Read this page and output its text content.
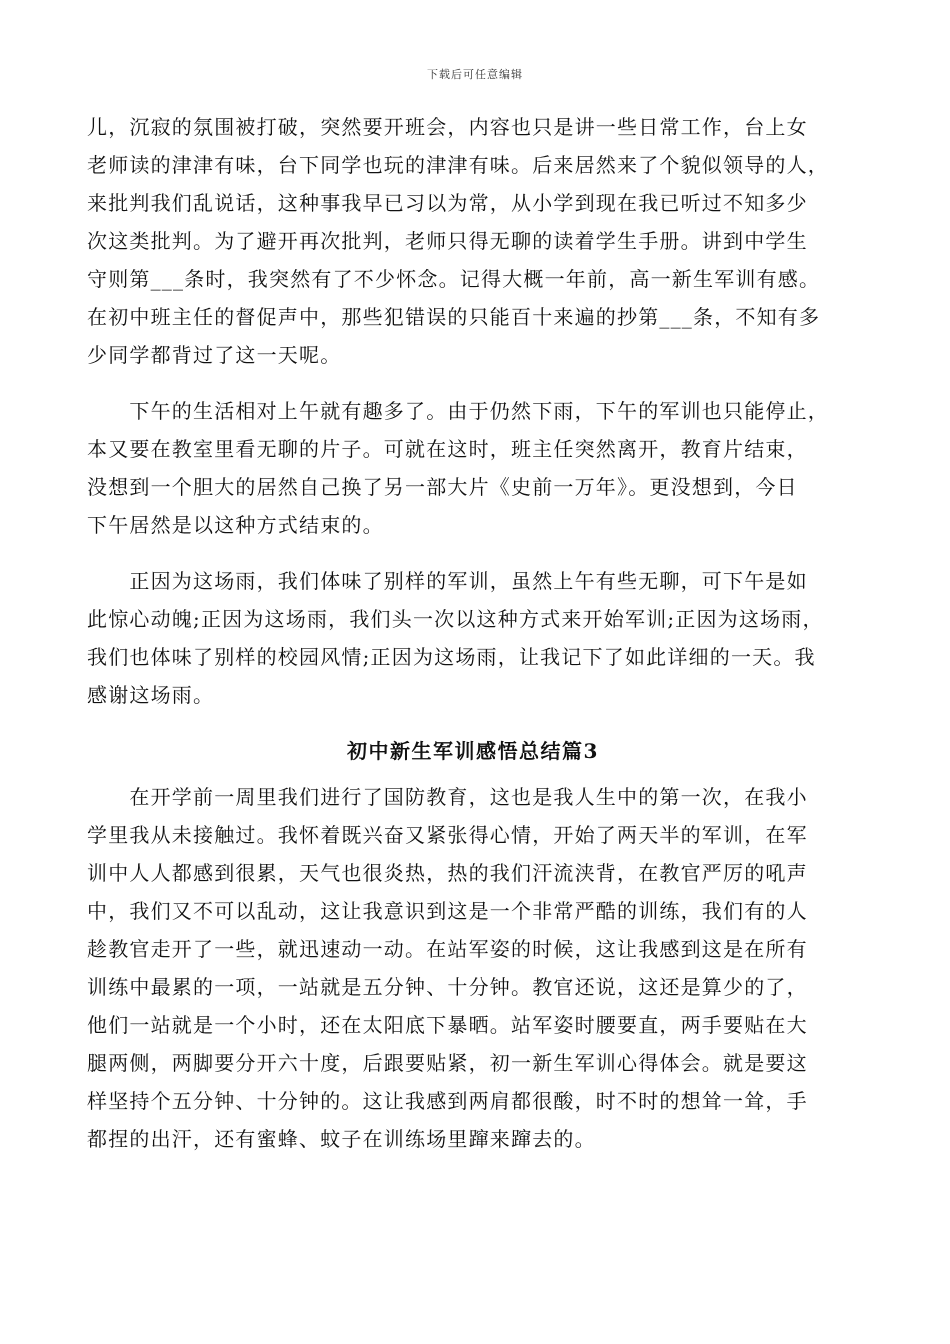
下载后可任意编辑
儿，沉寂的氛围被打破，突然要开班会，内容也只是讲一些日常工作，台上女
老师读的津津有味，台下同学也玩的津津有味。后来居然来了个貌似领导的人，
来批判我们乱说话，这种事我早已习以为常，从小学到现在我已听过不知多少
次这类批判。为了避开再次批判，老师只得无聊的读着学生手册。讲到中学生
守则第___条时，我突然有了不少怀念。记得大概一年前，高一新生军训有感。
在初中班主任的督促声中，那些犯错误的只能百十来遍的抄第___条，不知有多
少同学都背过了这一天呢。
　　下午的生活相对上午就有趣多了。由于仍然下雨，下午的军训也只能停止，
本又要在教室里看无聊的片子。可就在这时，班主任突然离开，教育片结束，
没想到一个胆大的居然自己换了另一部大片《史前一万年》。更没想到，今日
下午居然是以这种方式结束的。
　　正因为这场雨，我们体味了别样的军训，虽然上午有些无聊，可下午是如
此惊心动魄;正因为这场雨，我们头一次以这种方式来开始军训;正因为这场雨，
我们也体味了别样的校园风情;正因为这场雨，让我记下了如此详细的一天。我
感谢这场雨。
初中新生军训感悟总结篇3
　　在开学前一周里我们进行了国防教育，这也是我人生中的第一次，在我小
学里我从未接触过。我怀着既兴奋又紧张得心情，开始了两天半的军训，在军
训中人人都感到很累，天气也很炎热，热的我们汗流浃背，在教官严厉的吼声
中，我们又不可以乱动，这让我意识到这是一个非常严酷的训练，我们有的人
趁教官走开了一些，就迅速动一动。在站军姿的时候，这让我感到这是在所有
训练中最累的一项，一站就是五分钟、十分钟。教官还说，这还是算少的了，
他们一站就是一个小时，还在太阳底下暴晒。站军姿时腰要直，两手要贴在大
腿两侧，两脚要分开六十度，后跟要贴紧，初一新生军训心得体会。就是要这
样坚持个五分钟、十分钟的。这让我感到两肩都很酸，时不时的想耸一耸，手
都捏的出汗，还有蜜蜂、蚊子在训练场里蹿来蹿去的。
